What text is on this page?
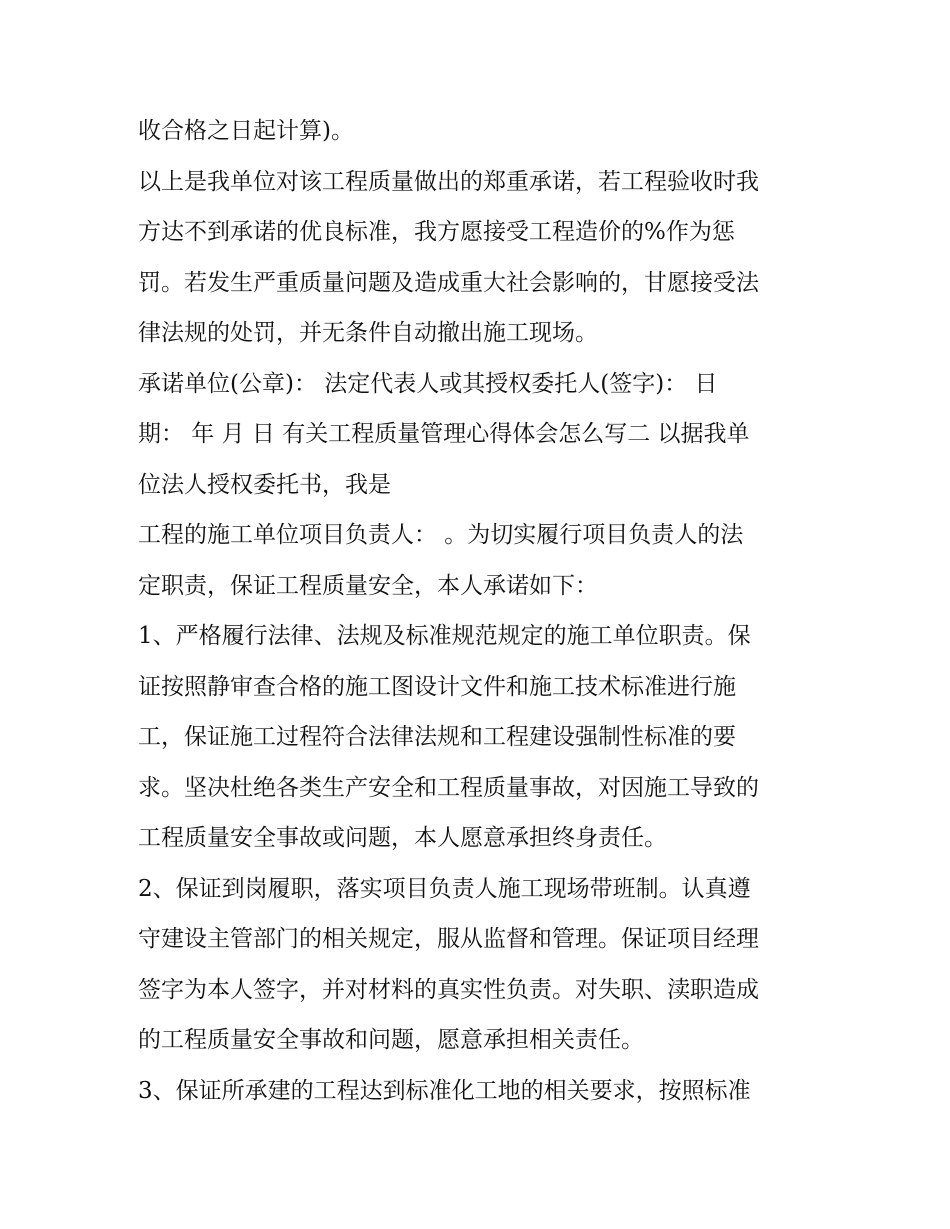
收合格之日起计算)。
以上是我单位对该工程质量做出的郑重承诺，若工程验收时我
方达不到承诺的优良标准，我方愿接受工程造价的%作为惩
罚。若发生严重质量问题及造成重大社会影响的，甘愿接受法
律法规的处罚，并无条件自动撤出施工现场。
承诺单位(公章)： 法定代表人或其授权委托人(签字)： 日
期： 年 月 日 有关工程质量管理心得体会怎么写二 以据我单
位法人授权委托书，我是
工程的施工单位项目负责人： 。为切实履行项目负责人的法
定职责，保证工程质量安全，本人承诺如下：
1、严格履行法律、法规及标准规范规定的施工单位职责。保
证按照静审查合格的施工图设计文件和施工技术标准进行施
工，保证施工过程符合法律法规和工程建设强制性标准的要
求。坚决杜绝各类生产安全和工程质量事故，对因施工导致的
工程质量安全事故或问题，本人愿意承担终身责任。
2、保证到岗履职，落实项目负责人施工现场带班制。认真遵
守建设主管部门的相关规定，服从监督和管理。保证项目经理
签字为本人签字，并对材料的真实性负责。对失职、渎职造成
的工程质量安全事故和问题，愿意承担相关责任。
3、保证所承建的工程达到标准化工地的相关要求，按照标准
